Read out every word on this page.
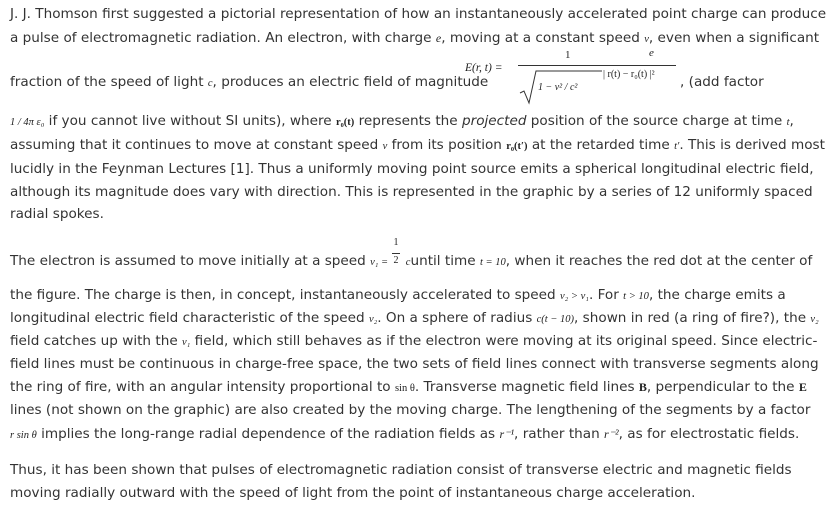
J. J. Thomson first suggested a pictorial representation of how an instantaneously accelerated point charge can produce
a pulse of electromagnetic radiation. An electron, with charge e, moving at a constant speed v, even when a significant
fraction of the speed of light c, produces an electric field of magnitude
E(r, t) =
1
1 − v² / c²
e
| r(t) − r₀(t) |² , (add factor
1 / 4π ε₀ if you cannot live without SI units), where r₀(t) represents the projected position of the source charge at time t,
assuming that it continues to move at constant speed v from its position r₀(t′) at the retarded time t′. This is derived most
lucidly in the Feynman Lectures [1]. Thus a uniformly moving point source emits a spherical longitudinal electric field,
although its magnitude does vary with direction. This is represented in the graphic by a series of 12 uniformly spaced
radial spokes.
The electron is assumed to move initially at a speed $v_1 = \frac{1}{2}$ cuntil time t = 10, when it reaches the red dot at the center of
the figure. The charge is then, in concept, instantaneously accelerated to speed v₂ > v₁. For t > 10, the charge emits a
longitudinal electric field characteristic of the speed v₂. On a sphere of radius c(t − 10), shown in red (a ring of fire?), the v₂
field catches up with the v₁ field, which still behaves as if the electron were moving at its original speed. Since electric-
field lines must be continuous in charge-free space, the two sets of field lines connect with transverse segments along
the ring of fire, with an angular intensity proportional to sin θ. Transverse magnetic field lines B, perpendicular to the E
lines (not shown on the graphic) are also created by the moving charge. The lengthening of the segments by a factor
r sin θ implies the long-range radial dependence of the radiation fields as r⁻¹, rather than r⁻², as for electrostatic fields.
Thus, it has been shown that pulses of electromagnetic radiation consist of transverse electric and magnetic fields
moving radially outward with the speed of light from the point of instantaneous charge acceleration.
